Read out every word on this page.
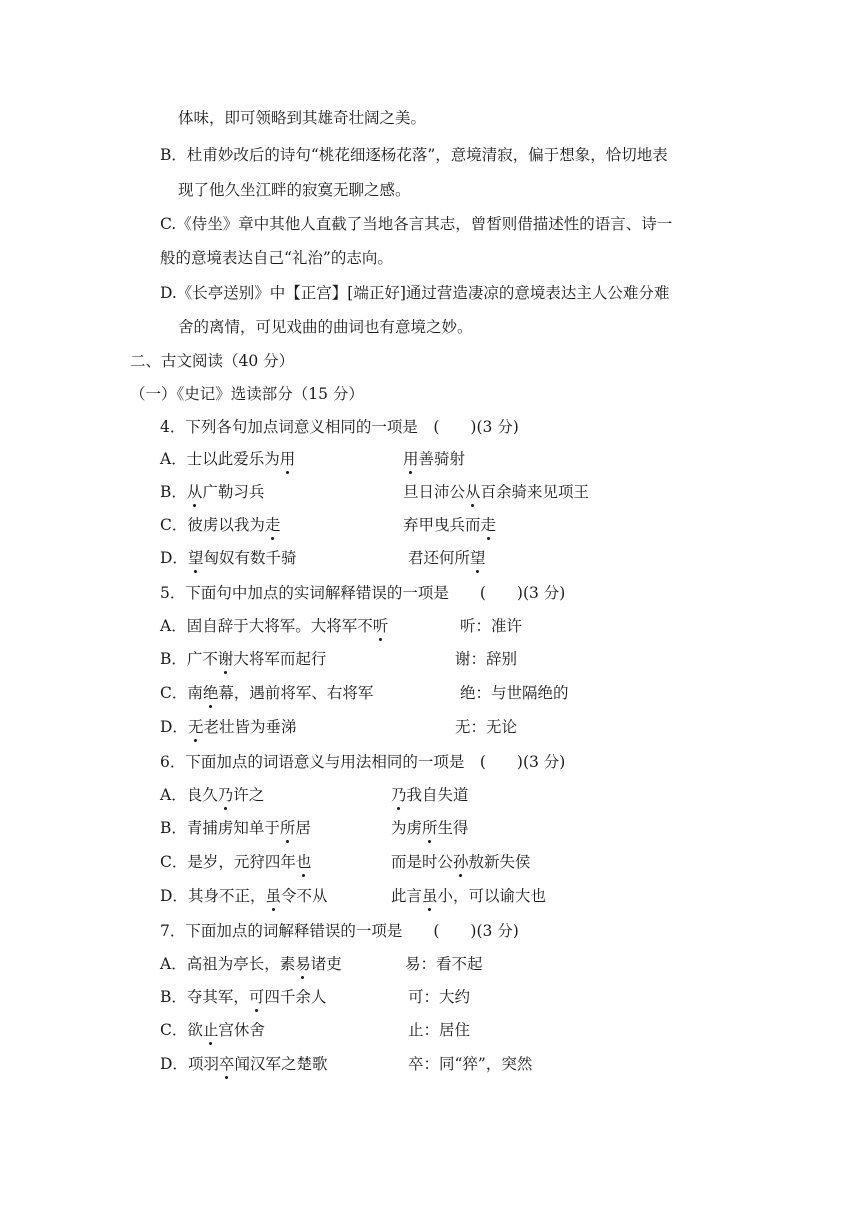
体味，即可领略到其雄奇壮阔之美。
B．杜甫妙改后的诗句“桃花细逐杨花落”，意境清寂，偏于想象，恰切地表
现了他久坐江畔的寂寞无聊之感。
C.《侍坐》章中其他人直截了当地各言其志，曾皙则借描述性的语言、诗一
般的意境表达自己“礼治”的志向。
D.《长亭送别》中【正宫】[端正好]通过营造凄凉的意境表达主人公难分难
舍的离情，可见戏曲的曲词也有意境之妙。
二、古文阅读（40 分）
（一）《史记》选读部分（15 分）
4．下列各句加点词意义相同的一项是　(　　)(3 分)
A．士以此爱乐为用	用善骑射
B．从广勒习兵	旦日沛公从百余骑来见项王
C．彼虏以我为走	弃甲曳兵而走
D．望匈奴有数千骑	君还何所望
5．下面句中加点的实词解释错误的一项是　　(　　)(3 分)
A．固自辞于大将军。大将军不听	听：准许
B．广不谢大将军而起行	谢：辞别
C．南绝幕，遇前将军、右将军	绝：与世隔绝的
D．无老壮皆为垂涕	无：无论
6．下面加点的词语意义与用法相同的一项是　(　　)(3 分)
A．良久乃许之	乃我自失道
B．青捕虏知单于所居	为虏所生得
C．是岁，元狩四年也	而是时公孙敖新失侯
D．其身不正，虽令不从	此言虽小，可以谕大也
7．下面加点的词解释错误的一项是　　(　　)(3 分)
A．高祖为亭长，素易诸吏	易：看不起
B．夺其军，可四千余人	可：大约
C．欲止宫休舍	止：居住
D．项羽卒闻汉军之楚歌	卒：同“猝”，突然
